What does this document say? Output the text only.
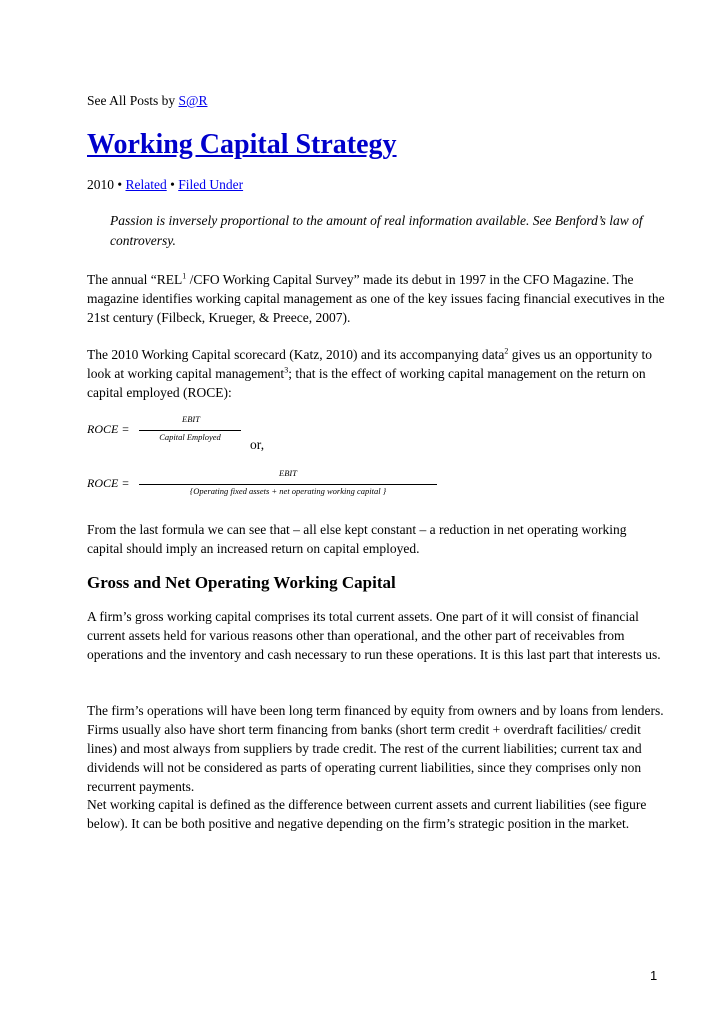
See All Posts by S@R
Working Capital Strategy
2010 • Related • Filed Under

Passion is inversely proportional to the amount of real information available. See Benford’s law of controversy.

The annual “REL$^1$ /CFO Working Capital Survey” made its debut in 1997 in the CFO Magazine. The magazine identifies working capital management as one of the key issues facing financial executives in the 21st century (Filbeck, Krueger, & Preece, 2007).

The 2010 Working Capital scorecard (Katz, 2010) and its accompanying data$^2$ gives us an opportunity to look at working capital management$^3$; that is the effect of working capital management on the return on capital employed (ROCE):

ROCE =
EBIT
Capital Employed	or,
ROCE =
EBIT
{Operating fixed assets + net operating working capital }

From the last formula we can see that – all else kept constant – a reduction in net operating working capital should imply an increased return on capital employed.

Gross and Net Operating Working Capital

A firm’s gross working capital comprises its total current assets. One part of it will consist of financial current assets held for various reasons other than operational, and the other part of receivables from operations and the inventory and cash necessary to run these operations. It is this last part that interests us.

The firm’s operations will have been long term financed by equity from owners and by loans from lenders. Firms usually also have short term financing from banks (short term credit + overdraft facilities/ credit lines) and most always from suppliers by trade credit. The rest of the current liabilities; current tax and dividends will not be considered as parts of operating current liabilities, since they comprises only non recurrent payments.

Net working capital is defined as the difference between current assets and current liabilities (see figure below). It can be both positive and negative depending on the firm’s strategic position in the market.

1
